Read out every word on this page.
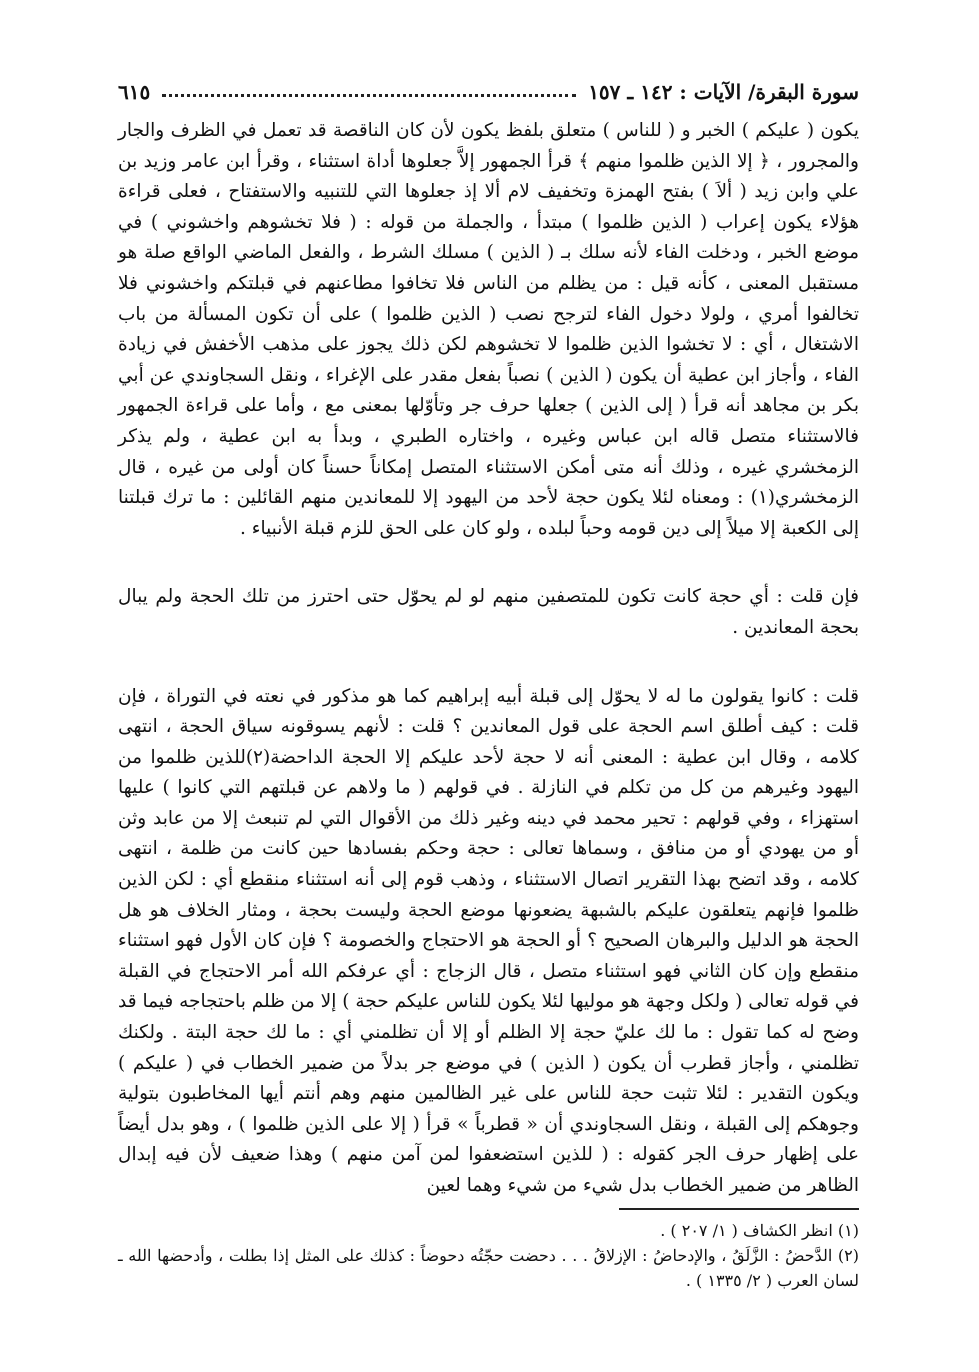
سورة البقرة/ الآيات : ١٤٢ ـ ١٥٧
٦١٥

يكون ( عليكم ) الخبر و ( للناس ) متعلق بلفظ يكون لأن كان الناقصة قد تعمل في الظرف والجار والمجرور ، ﴿ إلا الذين ظلموا منهم ﴾ قرأ الجمهور إلاَّ جعلوها أداة استثناء ، وقرأ ابن عامر وزيد بن علي وابن زيد ( ألاَ ) بفتح الهمزة وتخفيف لام ألا إذ جعلوها التي للتنبيه والاستفتاح ، فعلى قراءة هؤلاء يكون إعراب ( الذين ظلموا ) مبتدأ ، والجملة من قوله : ( فلا تخشوهم واخشوني ) في موضع الخبر ، ودخلت الفاء لأنه سلك بـ ( الذين ) مسلك الشرط ، والفعل الماضي الواقع صلة هو مستقبل المعنى ، كأنه قيل : من يظلم من الناس فلا تخافوا مطاعنهم في قبلتكم واخشوني فلا تخالفوا أمري ، ولولا دخول الفاء لترجح نصب ( الذين ظلموا ) على أن تكون المسألة من باب الاشتغال ، أي : لا تخشوا الذين ظلموا لا تخشوهم لكن ذلك يجوز على مذهب الأخفش في زيادة الفاء ، وأجاز ابن عطية أن يكون ( الذين ) نصباً بفعل مقدر على الإغراء ، ونقل السجاوندي عن أبي بكر بن مجاهد أنه قرأ ( إلى الذين ) جعلها حرف جر وتأوّلها بمعنى مع ، وأما على قراءة الجمهور فالاستثناء متصل قاله ابن عباس وغيره ، واختاره الطبري ، وبدأ به ابن عطية ، ولم يذكر الزمخشري غيره ، وذلك أنه متى أمكن الاستثناء المتصل إمكاناً حسناً كان أولى من غيره ، قال الزمخشري(١) : ومعناه لئلا يكون حجة لأحد من اليهود إلا للمعاندين منهم القائلين : ما ترك قبلتنا إلى الكعبة إلا ميلاً إلى دين قومه وحباً لبلده ، ولو كان على الحق للزم قبلة الأنبياء .

فإن قلت : أي حجة كانت تكون للمتصفين منهم لو لم يحوّل حتى احترز من تلك الحجة ولم يبال بحجة المعاندين .

قلت : كانوا يقولون ما له لا يحوّل إلى قبلة أبيه إبراهيم كما هو مذكور في نعته في التوراة ، فإن قلت : كيف أطلق اسم الحجة على قول المعاندين ؟ قلت : لأنهم يسوقونه سياق الحجة ، انتهى كلامه ، وقال ابن عطية : المعنى أنه لا حجة لأحد عليكم إلا الحجة الداحضة(٢)للذين ظلموا من اليهود وغيرهم من كل من تكلم في النازلة . في قولهم ( ما ولاهم عن قبلتهم التي كانوا ) عليها استهزاء ، وفي قولهم : تحير محمد في دينه وغير ذلك من الأقوال التي لم تنبعث إلا من عابد وثن أو من يهودي أو من منافق ، وسماها تعالى : حجة وحكم بفسادها حين كانت من ظلمة ، انتهى كلامه ، وقد اتضح بهذا التقرير اتصال الاستثناء ، وذهب قوم إلى أنه استثناء منقطع أي : لكن الذين ظلموا فإنهم يتعلقون عليكم بالشبهة يضعونها موضع الحجة وليست بحجة ، ومثار الخلاف هو هل الحجة هو الدليل والبرهان الصحيح ؟ أو الحجة هو الاحتجاج والخصومة ؟ فإن كان الأول فهو استثناء منقطع وإن كان الثاني فهو استثناء متصل ، قال الزجاج : أي عرفكم الله أمر الاحتجاج في القبلة في قوله تعالى ( ولكل وجهة هو موليها لئلا يكون للناس عليكم حجة ) إلا من ظلم باحتجاجه فيما قد وضح له كما تقول : ما لك عليّ حجة إلا الظلم أو إلا أن تظلمني أي : ما لك حجة البتة . ولكنك تظلمني ، وأجاز قطرب أن يكون ( الذين ) في موضع جر بدلاً من ضمير الخطاب في ( عليكم ) ويكون التقدير : لئلا تثبت حجة للناس على غير الظالمين منهم وهم أنتم أيها المخاطبون بتولية وجوهكم إلى القبلة ، ونقل السجاوندي أن « قطرباً » قرأ ( إلا على الذين ظلموا ) ، وهو بدل أيضاً على إظهار حرف الجر كقوله : ( للذين استضعفوا لمن آمن منهم ) وهذا ضعيف لأن فيه إبدال الظاهر من ضمير الخطاب بدل شيء من شيء وهما لعين

(١) انظر الكشاف ( ١/ ٢٠٧ ) .

(٢) الدَّحضُ : الزَّلَقُ ، والإدحاضُ : الإزلاقُ . . . دحضت حجّتُه دحوضاً : كذلك على المثل إذا بطلت ، وأدحضها الله ـ لسان العرب ( ٢/ ١٣٣٥ ) .
